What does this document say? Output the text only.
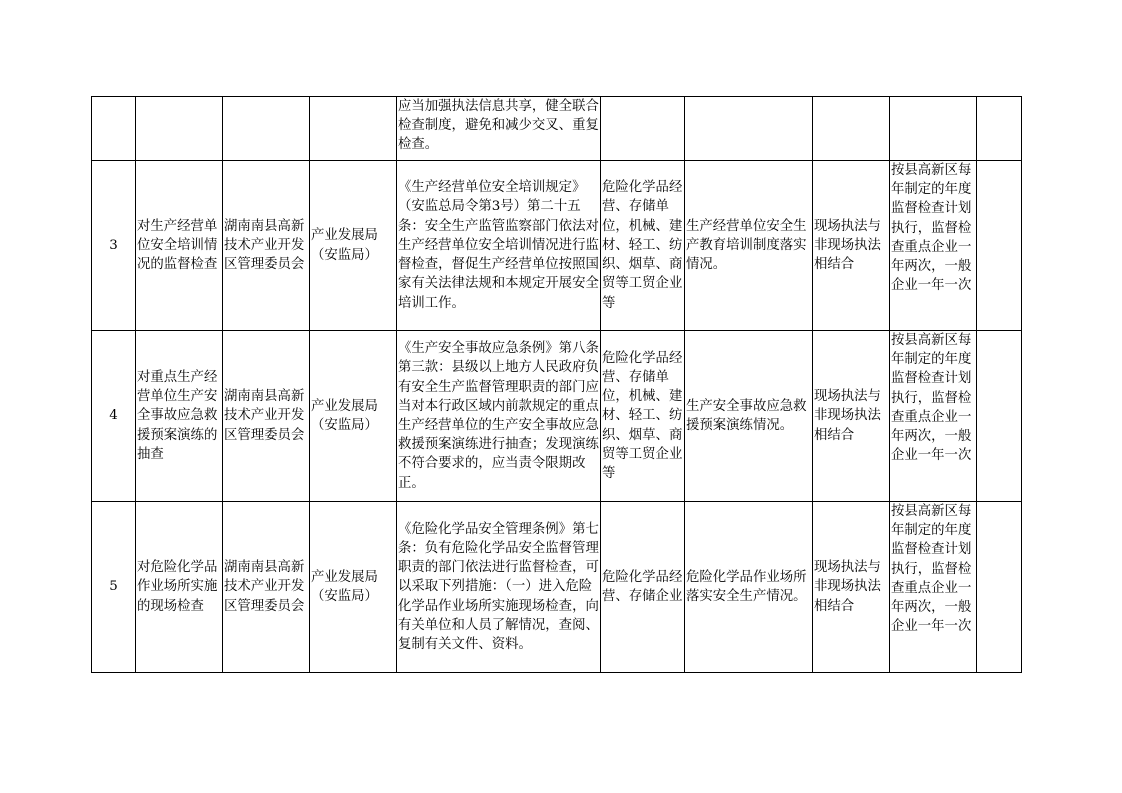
				应当加强执法信息共享，健全联合检查制度，避免和减少交叉、重复检查。					
3	对生产经营单位安全培训情况的监督检查	湖南南县高新技术产业开发区管理委员会	产业发展局（安监局）	《生产经营单位安全培训规定》（安监总局令第3号）第二十五条：安全生产监管监察部门依法对生产经营单位安全培训情况进行监督检查，督促生产经营单位按照国家有关法律法规和本规定开展安全培训工作。	危险化学品经营、存储单位，机械、建材、轻工、纺织、烟草、商贸等工贸企业等	生产经营单位安全生产教育培训制度落实情况。	现场执法与非现场执法相结合	按县高新区每年制定的年度监督检查计划执行，监督检查重点企业一年两次，一般企业一年一次	
4	对重点生产经营单位生产安全事故应急救援预案演练的抽查	湖南南县高新技术产业开发区管理委员会	产业发展局（安监局）	《生产安全事故应急条例》第八条第三款：县级以上地方人民政府负有安全生产监督管理职责的部门应当对本行政区域内前款规定的重点生产经营单位的生产安全事故应急救援预案演练进行抽查；发现演练不符合要求的，应当责令限期改正。	危险化学品经营、存储单位，机械、建材、轻工、纺织、烟草、商贸等工贸企业等	生产安全事故应急救援预案演练情况。	现场执法与非现场执法相结合	按县高新区每年制定的年度监督检查计划执行，监督检查重点企业一年两次，一般企业一年一次	
5	对危险化学品作业场所实施的现场检查	湖南南县高新技术产业开发区管理委员会	产业发展局（安监局）	《危险化学品安全管理条例》第七条：负有危险化学品安全监督管理职责的部门依法进行监督检查，可以采取下列措施：（一）进入危险化学品作业场所实施现场检查，向有关单位和人员了解情况，查阅、复制有关文件、资料。	危险化学品经营、存储企业	危险化学品作业场所落实安全生产情况。	现场执法与非现场执法相结合	按县高新区每年制定的年度监督检查计划执行，监督检查重点企业一年两次，一般企业一年一次	
